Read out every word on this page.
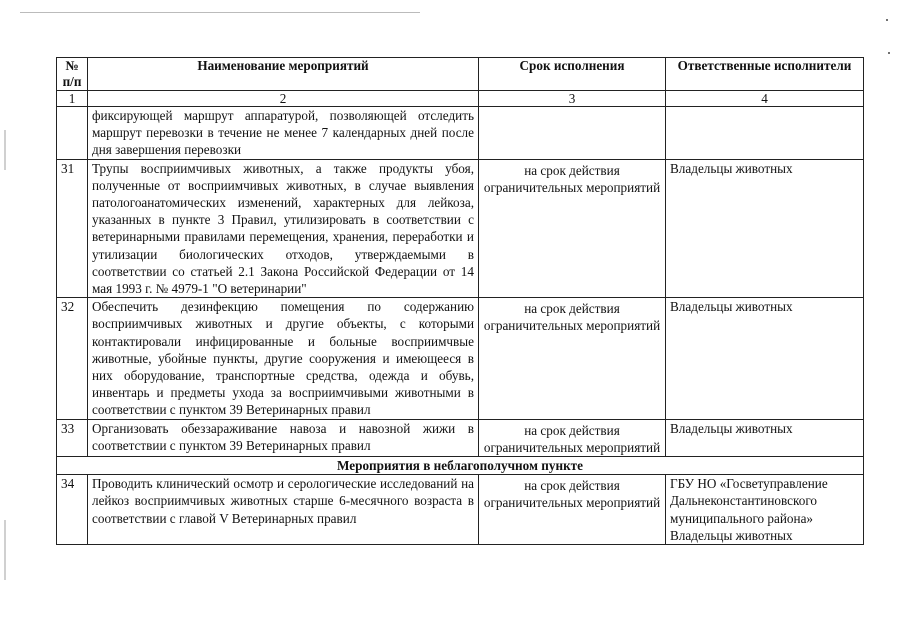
№ п/п	Наименование мероприятий	Срок исполнения	Ответственные исполнители
1	2	3	4
	фиксирующей маршрут аппаратурой, позволяющей отследить маршрут перевозки в течение не менее 7 календарных дней после дня завершения перевозки		
31	Трупы восприимчивых животных, а также продукты убоя, полученные от восприимчивых животных, в случае выявления патологоанатомических изменений, характерных для лейкоза, указанных в пункте 3 Правил, утилизировать в соответствии с ветеринарными правилами перемещения, хранения, переработки и утилизации биологических отходов, утверждаемыми в соответствии со статьей 2.1 Закона Российской Федерации от 14 мая 1993 г. № 4979-1 "О ветеринарии"	на срок действия ограничительных мероприятий	Владельцы животных
32	Обеспечить дезинфекцию помещения по содержанию восприимчивых животных и другие объекты, с которыми контактировали инфицированные и больные восприимчвые животные, убойные пункты, другие сооружения и имеющееся в них оборудование, транспортные средства, одежда и обувь, инвентарь и предметы ухода за восприимчивыми животными в соответствии с пунктом 39 Ветеринарных правил	на срок действия ограничительных мероприятий	Владельцы животных
33	Организовать обеззараживание навоза и навозной жижи в соответствии с пунктом 39 Ветеринарных правил	на срок действия ограничительных мероприятий	Владельцы животных
Мероприятия в неблагополучном пункте			
34	Проводить клинический осмотр и серологические исследований на лейкоз восприимчивых животных старше 6-месячного возраста в соответствии с главой V Ветеринарных правил	на срок действия ограничительных мероприятий	ГБУ НО «Госветуправление Дальнеконстантиновского муниципального района» Владельцы животных
